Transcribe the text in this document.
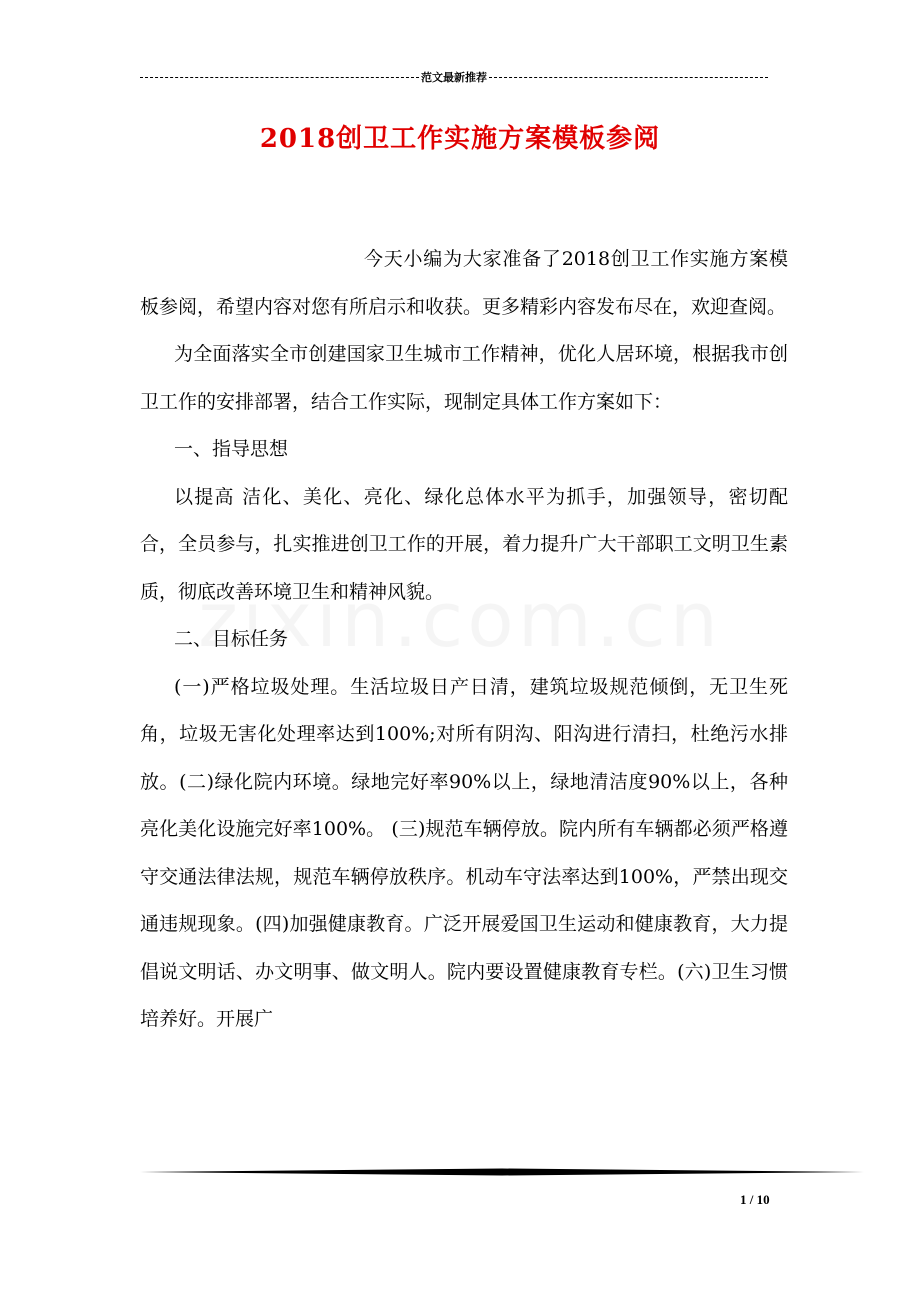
范文最新推荐
2018创卫工作实施方案模板参阅

今天小编为大家准备了2018创卫工作实施方案模板参阅，希望内容对您有所启示和收获。更多精彩内容发布尽在，欢迎查阅。

为全面落实全市创建国家卫生城市工作精神，优化人居环境，根据我市创卫工作的安排部署，结合工作实际，现制定具体工作方案如下：

一、指导思想

以提高 洁化、美化、亮化、绿化总体水平为抓手，加强领导，密切配合，全员参与，扎实推进创卫工作的开展，着力提升广大干部职工文明卫生素质，彻底改善环境卫生和精神风貌。

二、目标任务

(一)严格垃圾处理。生活垃圾日产日清，建筑垃圾规范倾倒，无卫生死角，垃圾无害化处理率达到100%;对所有阴沟、阳沟进行清扫，杜绝污水排放。(二)绿化院内环境。绿地完好率90%以上，绿地清洁度90%以上，各种亮化美化设施完好率100%。 (三)规范车辆停放。院内所有车辆都必须严格遵守交通法律法规，规范车辆停放秩序。机动车守法率达到100%，严禁出现交通违规现象。(四)加强健康教育。广泛开展爱国卫生运动和健康教育，大力提倡说文明话、办文明事、做文明人。院内要设置健康教育专栏。(六)卫生习惯培养好。开展广

1 / 10
